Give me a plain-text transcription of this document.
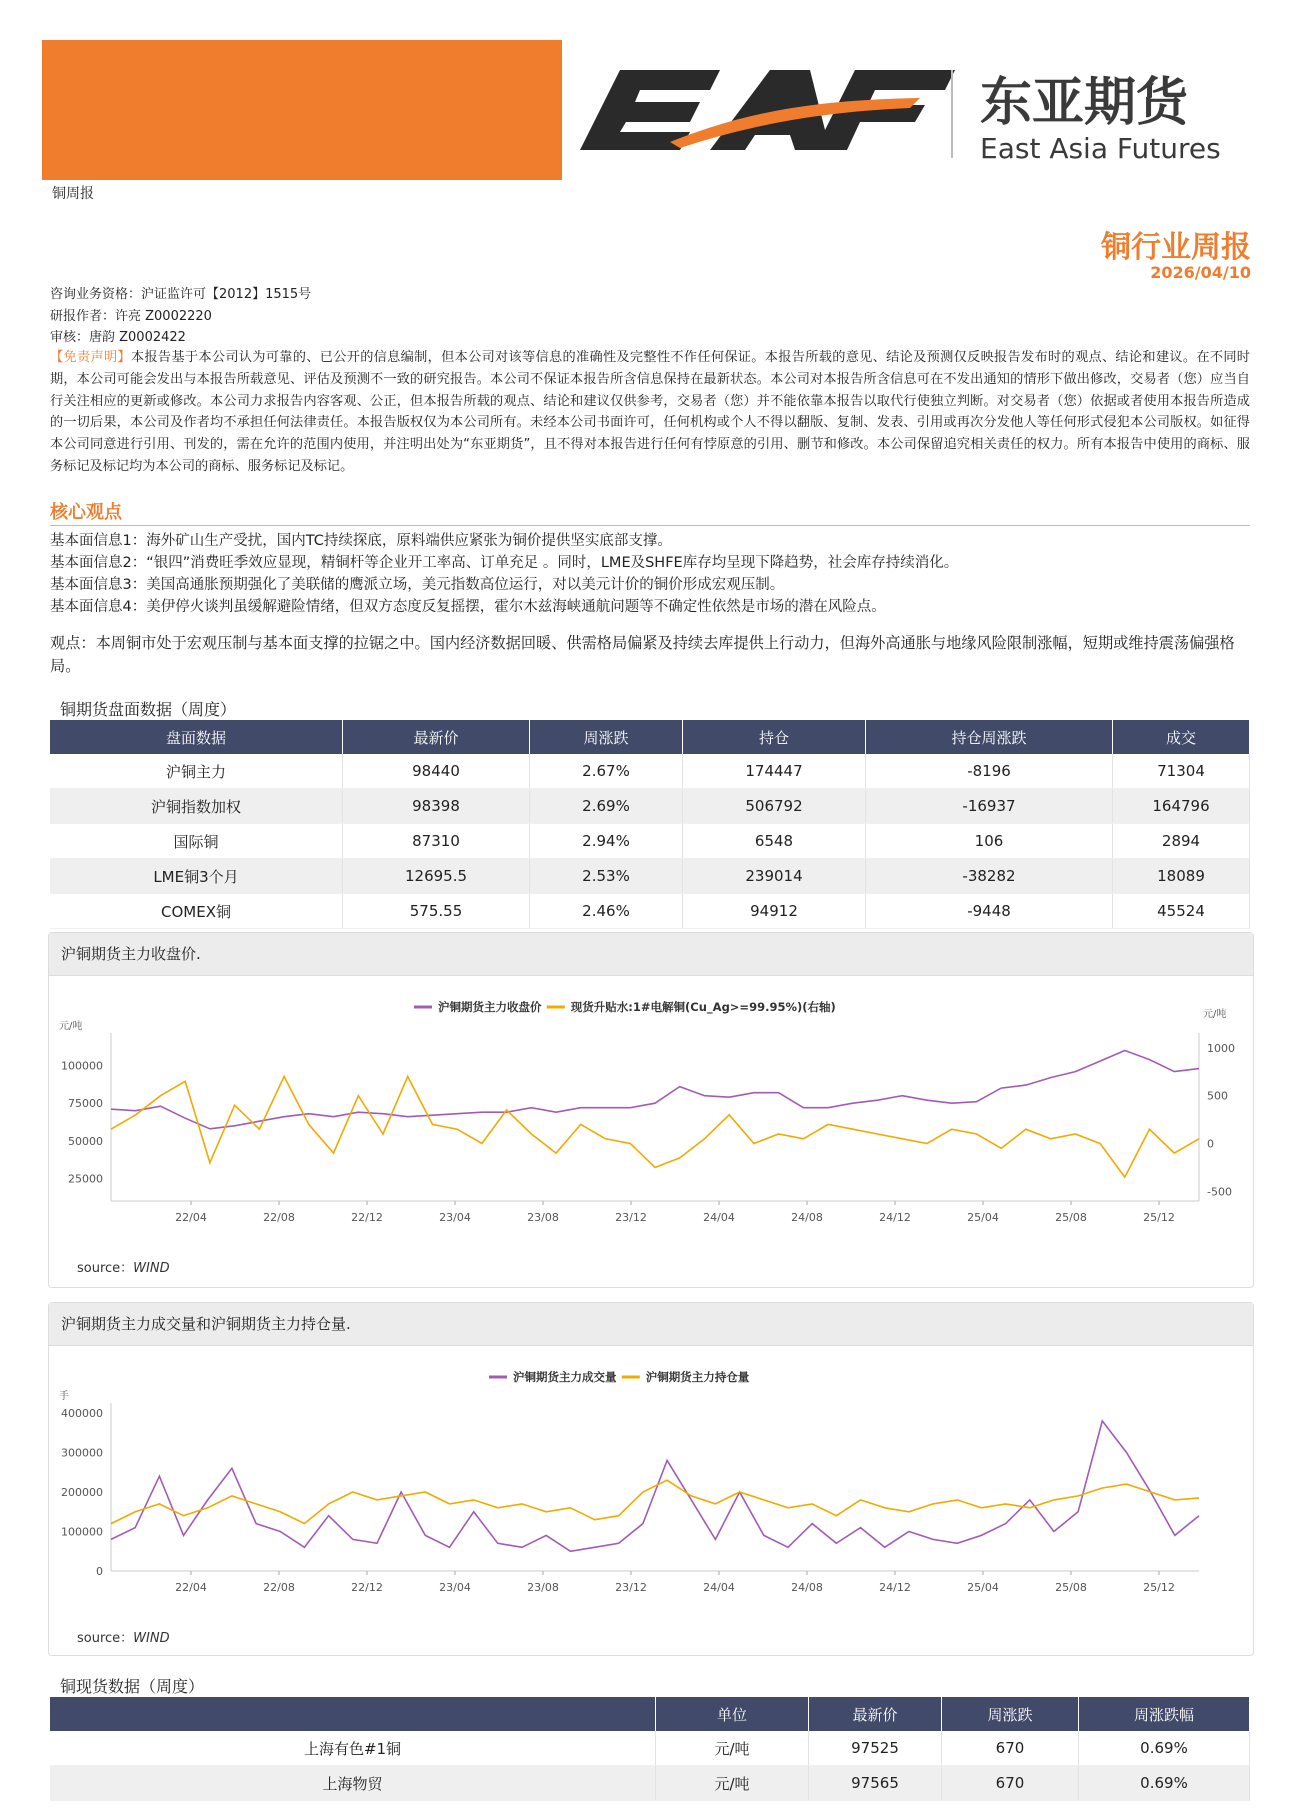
东亚期货
East Asia Futures
铜周报
铜行业周报
2026/04/10
咨询业务资格：沪证监许可【2012】1515号
研报作者：许亮 Z0002220
审核：唐韵 Z0002422
【免责声明】本报告基于本公司认为可靠的、已公开的信息编制，但本公司对该等信息的准确性及完整性不作任何保证。本报告所载的意见、结论及预测仅反映报告发布时的观点、结论和建议。在不同时期，本公司可能会发出与本报告所载意见、评估及预测不一致的研究报告。本公司不保证本报告所含信息保持在最新状态。本公司对本报告所含信息可在不发出通知的情形下做出修改，交易者（您）应当自行关注相应的更新或修改。本公司力求报告内容客观、公正，但本报告所载的观点、结论和建议仅供参考，交易者（您）并不能依靠本报告以取代行使独立判断。对交易者（您）依据或者使用本报告所造成的一切后果，本公司及作者均不承担任何法律责任。本报告版权仅为本公司所有。未经本公司书面许可，任何机构或个人不得以翻版、复制、发表、引用或再次分发他人等任何形式侵犯本公司版权。如征得本公司同意进行引用、刊发的，需在允许的范围内使用，并注明出处为“东亚期货”，且不得对本报告进行任何有悖原意的引用、删节和修改。本公司保留追究相关责任的权力。所有本报告中使用的商标、服务标记及标记均为本公司的商标、服务标记及标记。
核心观点
基本面信息1：海外矿山生产受扰，国内TC持续探底，原料端供应紧张为铜价提供坚实底部支撑。
基本面信息2：“银四”消费旺季效应显现，精铜杆等企业开工率高、订单充足 。同时，LME及SHFE库存均呈现下降趋势，社会库存持续消化。
基本面信息3：美国高通胀预期强化了美联储的鹰派立场，美元指数高位运行，对以美元计价的铜价形成宏观压制。
基本面信息4：美伊停火谈判虽缓解避险情绪，但双方态度反复摇摆，霍尔木兹海峡通航问题等不确定性依然是市场的潜在风险点。
观点：本周铜市处于宏观压制与基本面支撑的拉锯之中。国内经济数据回暖、供需格局偏紧及持续去库提供上行动力，但海外高通胀与地缘风险限制涨幅，短期或维持震荡偏强格局。
铜期货盘面数据（周度）
盘面数据	最新价	周涨跌	持仓	持仓周涨跌	成交
沪铜主力	98440	2.67%	174447	-8196	71304
沪铜指数加权	98398	2.69%	506792	-16937	164796
国际铜	87310	2.94%	6548	106	2894
LME铜3个月	12695.5	2.53%	239014	-38282	18089
COMEX铜	575.55	2.46%	94912	-9448	45524
沪铜期货主力收盘价.
22/04	22/08	22/12	23/04	23/08	23/12	24/04	24/08	24/12	25/04	25/08	25/12
25000
50000
75000
100000
元/吨
-500
0
500
1000
元/吨
沪铜期货主力收盘价	现货升贴水:1#电解铜(Cu_Ag>=99.95%)(右轴)
source：WIND
沪铜期货主力成交量和沪铜期货主力持仓量.
22/04	22/08	22/12	23/04	23/08	23/12	24/04	24/08	24/12	25/04	25/08	25/12
0
100000
200000
300000
400000
手
沪铜期货主力成交量	沪铜期货主力持仓量
source：WIND
铜现货数据（周度）
	单位	最新价	周涨跌	周涨跌幅
上海有色#1铜	元/吨	97525	670	0.69%
上海物贸	元/吨	97565	670	0.69%
